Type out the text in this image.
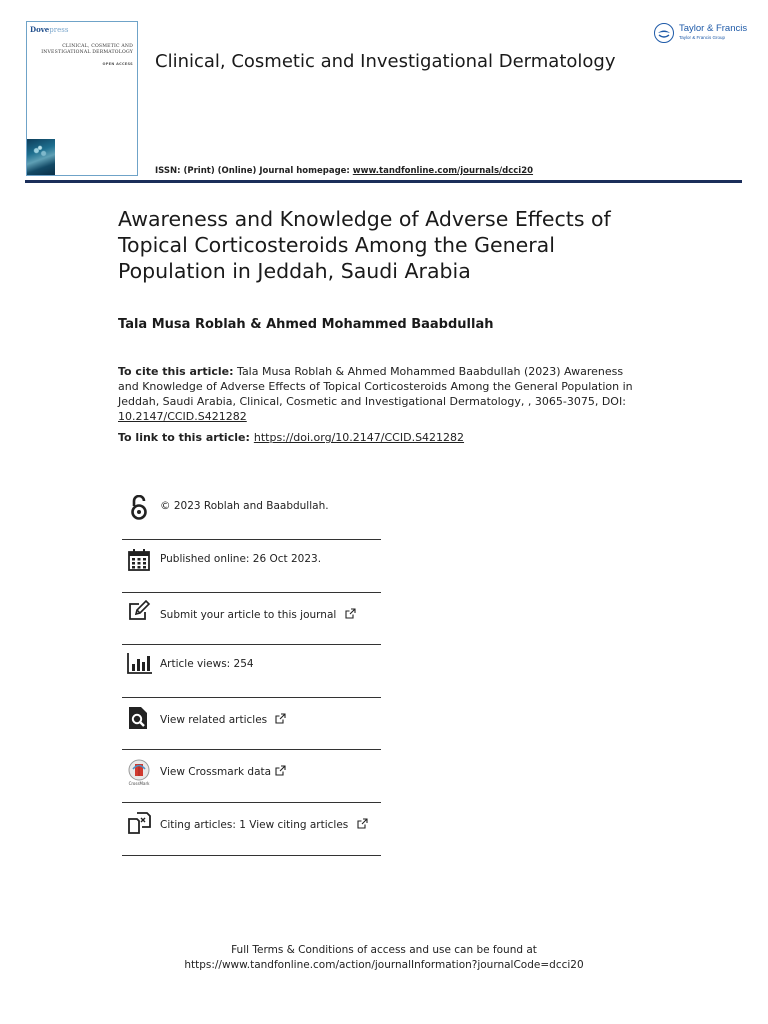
Dovepress
CLINICAL, COSMETIC AND INVESTIGATIONAL DERMATOLOGY
OPEN ACCESS Clinical, Cosmetic and Investigational Dermatology
ISSN: (Print) (Online) Journal homepage: www.tandfonline.com/journals/dcci20
Taylor & Francis
Taylor & Francis Group
Awareness and Knowledge of Adverse Effects of Topical Corticosteroids Among the General Population in Jeddah, Saudi Arabia
Tala Musa Roblah & Ahmed Mohammed Baabdullah
To cite this article: Tala Musa Roblah & Ahmed Mohammed Baabdullah (2023) Awareness and Knowledge of Adverse Effects of Topical Corticosteroids Among the General Population in Jeddah, Saudi Arabia, Clinical, Cosmetic and Investigational Dermatology, , 3065-3075, DOI: 10.2147/CCID.S421282
To link to this article: https://doi.org/10.2147/CCID.S421282
© 2023 Roblah and Baabdullah.
Published online: 26 Oct 2023.
Submit your article to this journal
Article views: 254
View related articles
CrossMark
View Crossmark data
Citing articles: 1 View citing articles
Full Terms & Conditions of access and use can be found at
https://www.tandfonline.com/action/journalInformation?journalCode=dcci20
